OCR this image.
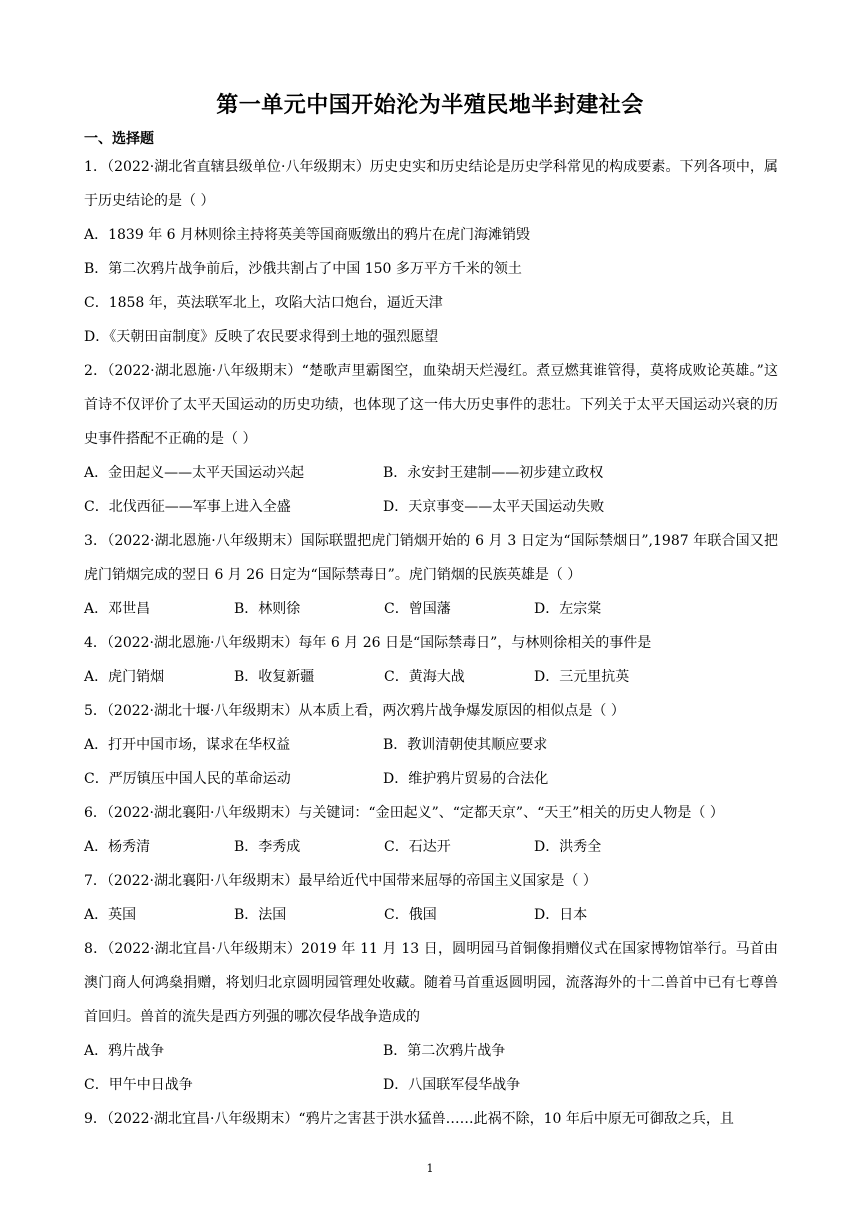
第一单元中国开始沦为半殖民地半封建社会
一、选择题

1．（2022·湖北省直辖县级单位·八年级期末）历史史实和历史结论是历史学科常见的构成要素。下列各项中，属于历史结论的是（ ）

A．1839 年 6 月林则徐主持将英美等国商贩缴出的鸦片在虎门海滩销毁
B．第二次鸦片战争前后，沙俄共割占了中国 150 多万平方千米的领土
C．1858 年，英法联军北上，攻陷大沽口炮台，逼近天津
D．《天朝田亩制度》反映了农民要求得到土地的强烈愿望

2．（2022·湖北恩施·八年级期末）“楚歌声里霸图空，血染胡天烂漫红。煮豆燃萁谁管得，莫将成败论英雄。”这首诗不仅评价了太平天国运动的历史功绩，也体现了这一伟大历史事件的悲壮。下列关于太平天国运动兴衰的历史事件搭配不正确的是（ ）

A．金田起义——太平天国运动兴起	B．永安封王建制——初步建立政权
C．北伐西征——军事上进入全盛	D．天京事变——太平天国运动失败

3．（2022·湖北恩施·八年级期末）国际联盟把虎门销烟开始的 6 月 3 日定为“国际禁烟日”,1987 年联合国又把虎门销烟完成的翌日 6 月 26 日定为“国际禁毒日”。虎门销烟的民族英雄是（ ）

A．邓世昌	B．林则徐	C．曾国藩	D．左宗棠

4．（2022·湖北恩施·八年级期末）每年 6 月 26 日是“国际禁毒日”，与林则徐相关的事件是

A．虎门销烟	B．收复新疆	C．黄海大战	D．三元里抗英

5．（2022·湖北十堰·八年级期末）从本质上看，两次鸦片战争爆发原因的相似点是（ ）

A．打开中国市场，谋求在华权益	B．教训清朝使其顺应要求
C．严厉镇压中国人民的革命运动	D．维护鸦片贸易的合法化

6．（2022·湖北襄阳·八年级期末）与关键词：“金田起义”、“定都天京”、“天王”相关的历史人物是（ ）

A．杨秀清	B．李秀成	C．石达开	D．洪秀全

7．（2022·湖北襄阳·八年级期末）最早给近代中国带来屈辱的帝国主义国家是（ ）

A．英国	B．法国	C．俄国	D．日本

8．（2022·湖北宜昌·八年级期末）2019 年 11 月 13 日，圆明园马首铜像捐赠仪式在国家博物馆举行。马首由澳门商人何鸿燊捐赠，将划归北京圆明园管理处收藏。随着马首重返圆明园，流落海外的十二兽首中已有七尊兽首回归。兽首的流失是西方列强的哪次侵华战争造成的

A．鸦片战争	B．第二次鸦片战争
C．甲午中日战争	D．八国联军侵华战争

9．（2022·湖北宜昌·八年级期末）“鸦片之害甚于洪水猛兽……此祸不除，10 年后中原无可御敌之兵，且

1
